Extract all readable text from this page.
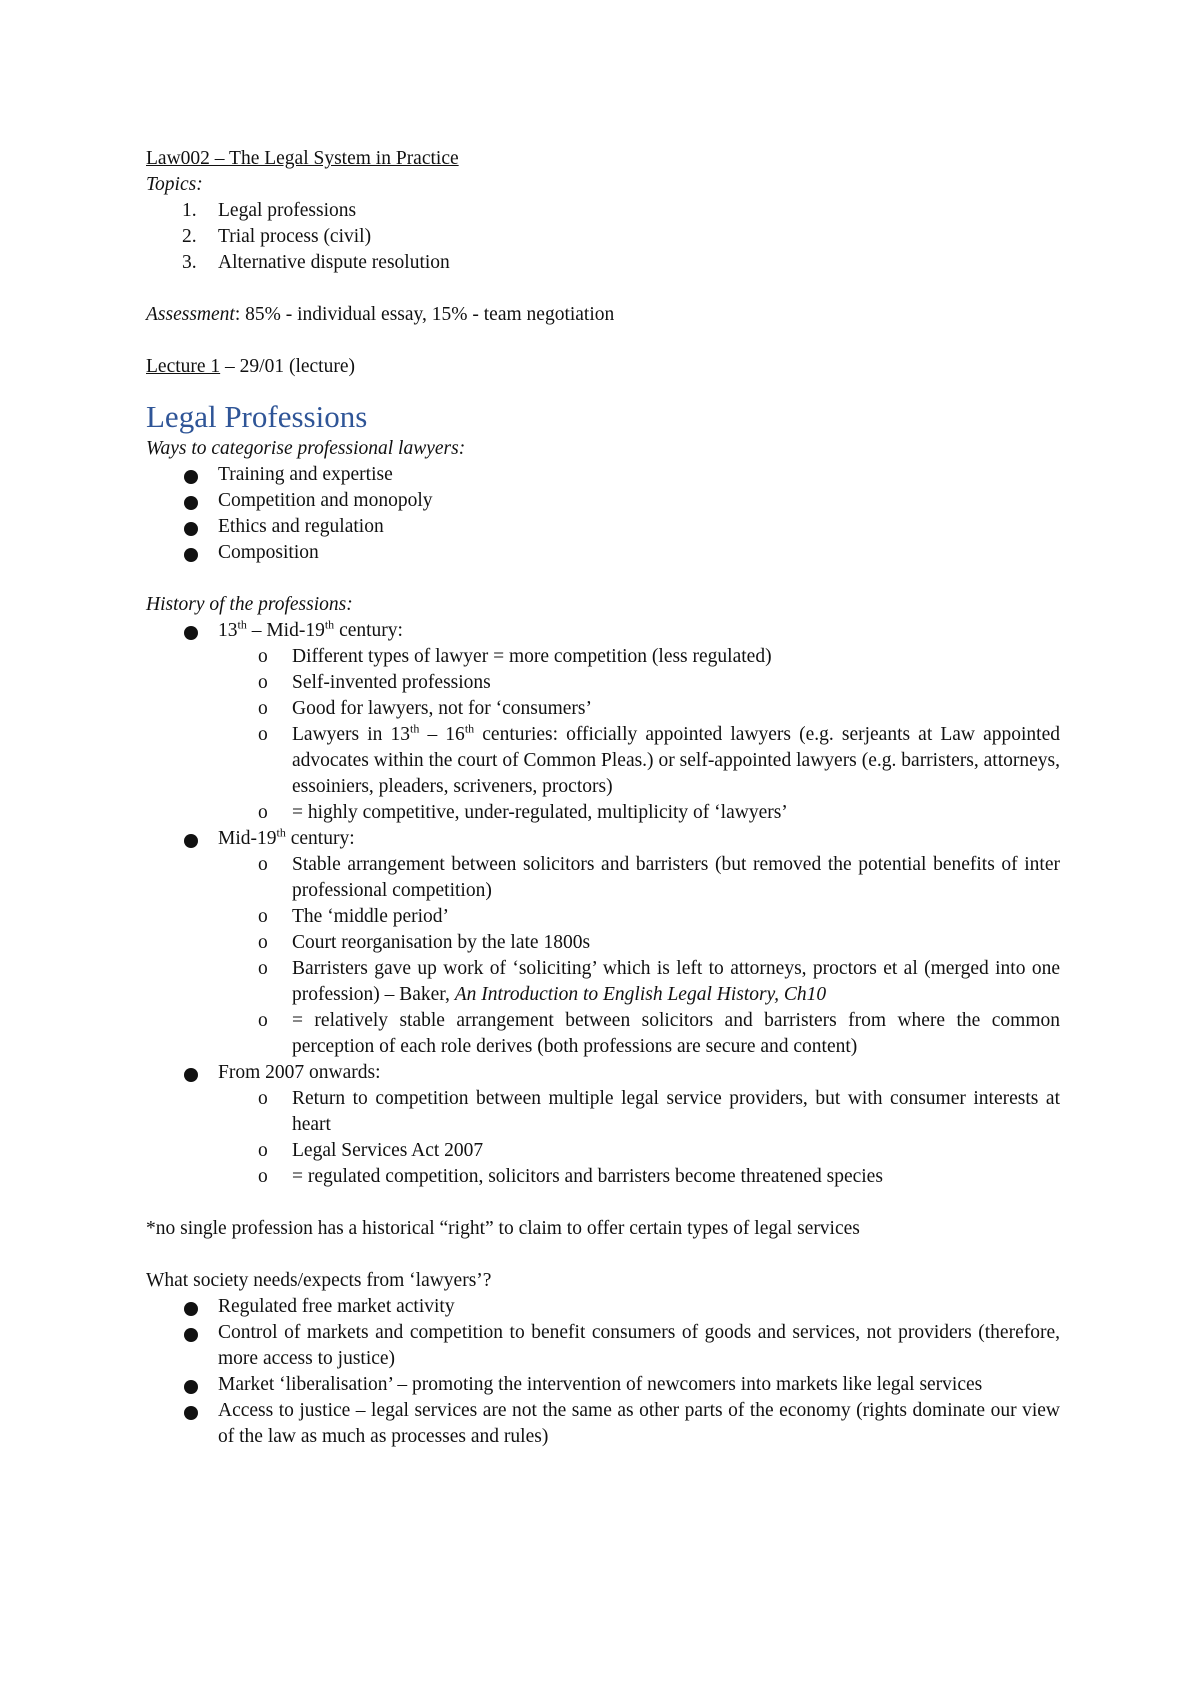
Law002 – The Legal System in Practice
Topics:
1. Legal professions
2. Trial process (civil)
3. Alternative dispute resolution
Assessment: 85% - individual essay, 15% - team negotiation
Lecture 1 – 29/01 (lecture)
Legal Professions
Ways to categorise professional lawyers:
Training and expertise
Competition and monopoly
Ethics and regulation
Composition
History of the professions:
13th – Mid-19th century:
o Different types of lawyer = more competition (less regulated)
o Self-invented professions
o Good for lawyers, not for ‘consumers’
o Lawyers in 13th – 16th centuries: officially appointed lawyers (e.g. serjeants at Law appointed advocates within the court of Common Pleas.) or self-appointed lawyers (e.g. barristers, attorneys, essoiniers, pleaders, scriveners, proctors)
o = highly competitive, under-regulated, multiplicity of ‘lawyers’
Mid-19th century:
o Stable arrangement between solicitors and barristers (but removed the potential benefits of inter professional competition)
o The ‘middle period’
o Court reorganisation by the late 1800s
o Barristers gave up work of ‘soliciting’ which is left to attorneys, proctors et al (merged into one profession) – Baker, An Introduction to English Legal History, Ch10
o = relatively stable arrangement between solicitors and barristers from where the common perception of each role derives (both professions are secure and content)
From 2007 onwards:
o Return to competition between multiple legal service providers, but with consumer interests at heart
o Legal Services Act 2007
o = regulated competition, solicitors and barristers become threatened species
*no single profession has a historical “right” to claim to offer certain types of legal services
What society needs/expects from ‘lawyers’?
Regulated free market activity
Control of markets and competition to benefit consumers of goods and services, not providers (therefore, more access to justice)
Market ‘liberalisation’ – promoting the intervention of newcomers into markets like legal services
Access to justice – legal services are not the same as other parts of the economy (rights dominate our view of the law as much as processes and rules)
